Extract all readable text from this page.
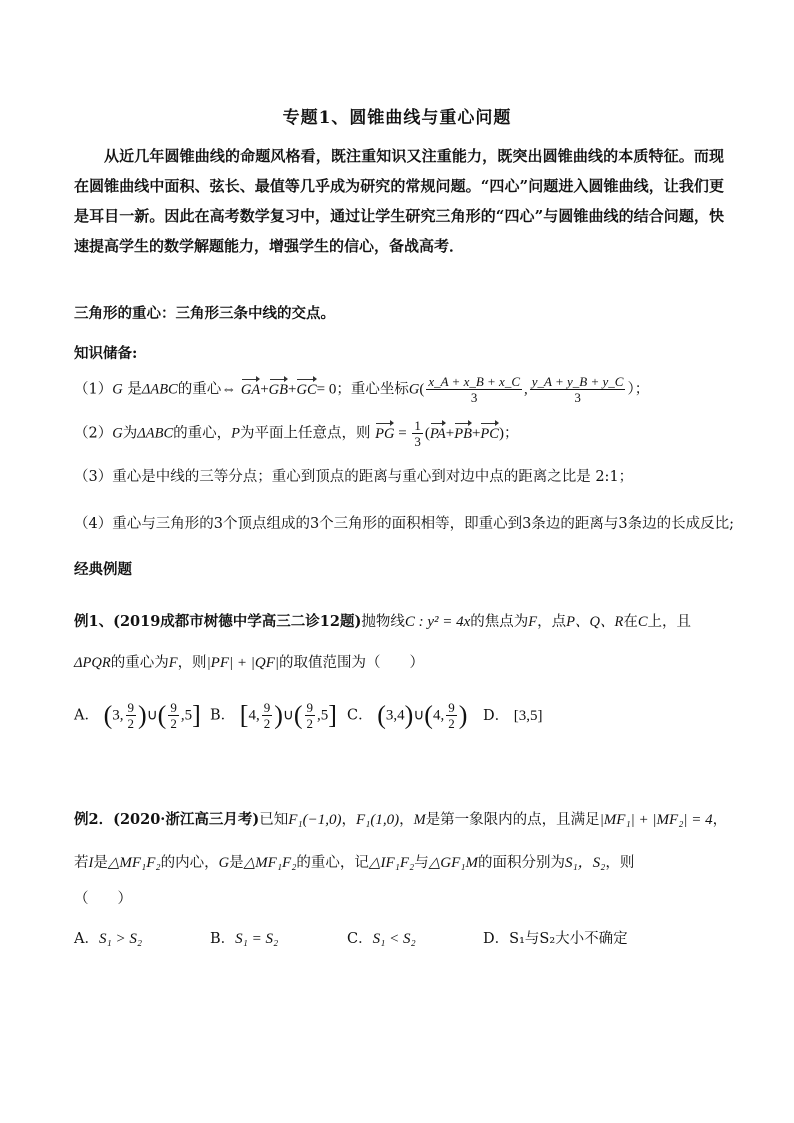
专题1、圆锥曲线与重心问题
从近几年圆锥曲线的命题风格看，既注重知识又注重能力，既突出圆锥曲线的本质特征。而现在圆锥曲线中面积、弦长、最值等几乎成为研究的常规问题。“四心”问题进入圆锥曲线，让我们更是耳目一新。因此在高考数学复习中，通过让学生研究三角形的“四心”与圆锥曲线的结合问题，快速提高学生的数学解题能力，增强学生的信心，备战高考．
三角形的重心：三角形三条中线的交点。
知识储备:
（1）G 是ΔABC的重心⇔ GA+GB+GC= 0；重心坐标$G( \frac{x\_A + x\_B + x\_C}{3}$ , $\frac{y\_A + y\_B + y\_C}{3}$ ）；
（2）G为ΔABC的重心，P为平面上任意点，则 PG = $\frac{1}{3} (PA+PB+PC)$；
（3）重心是中线的三等分点；重心到顶点的距离与重心到对边中点的距离之比是 2:1；
（4）重心与三角形的3个顶点组成的3个三角形的面积相等，即重心到3条边的距离与3条边的长成反比;
经典例题
例1、(2019成都市树德中学高三二诊12题)抛物线C : y² = 4x的焦点为F，点P、Q、R在C上，且
ΔPQR的重心为F，则|PF| + |QF|的取值范围为（　　）
A． (3, $\frac{9}{2}$ )∪( $\frac{9}{2} ,5$] B． [4, $\frac{9}{2}$ )∪( $\frac{9}{2} ,5$] C． (3,4)∪(4, $\frac{9}{2}$ ) D． [3,5]
例2．(2020·浙江高三月考)已知F₁(−1,0)，F₁(1,0)，M是第一象限内的点，且满足|MF₁| + |MF₂| = 4，
若I是△MF₁F₂的内心，G是△MF₁F₂的重心，记△IF₁F₂与△GF₁M的面积分别为S₁，S₂，则
（　　）
A．S₁ > S₂	B．S₁ = S₂	C．S₁ < S₂	D．S₁与S₂大小不确定
